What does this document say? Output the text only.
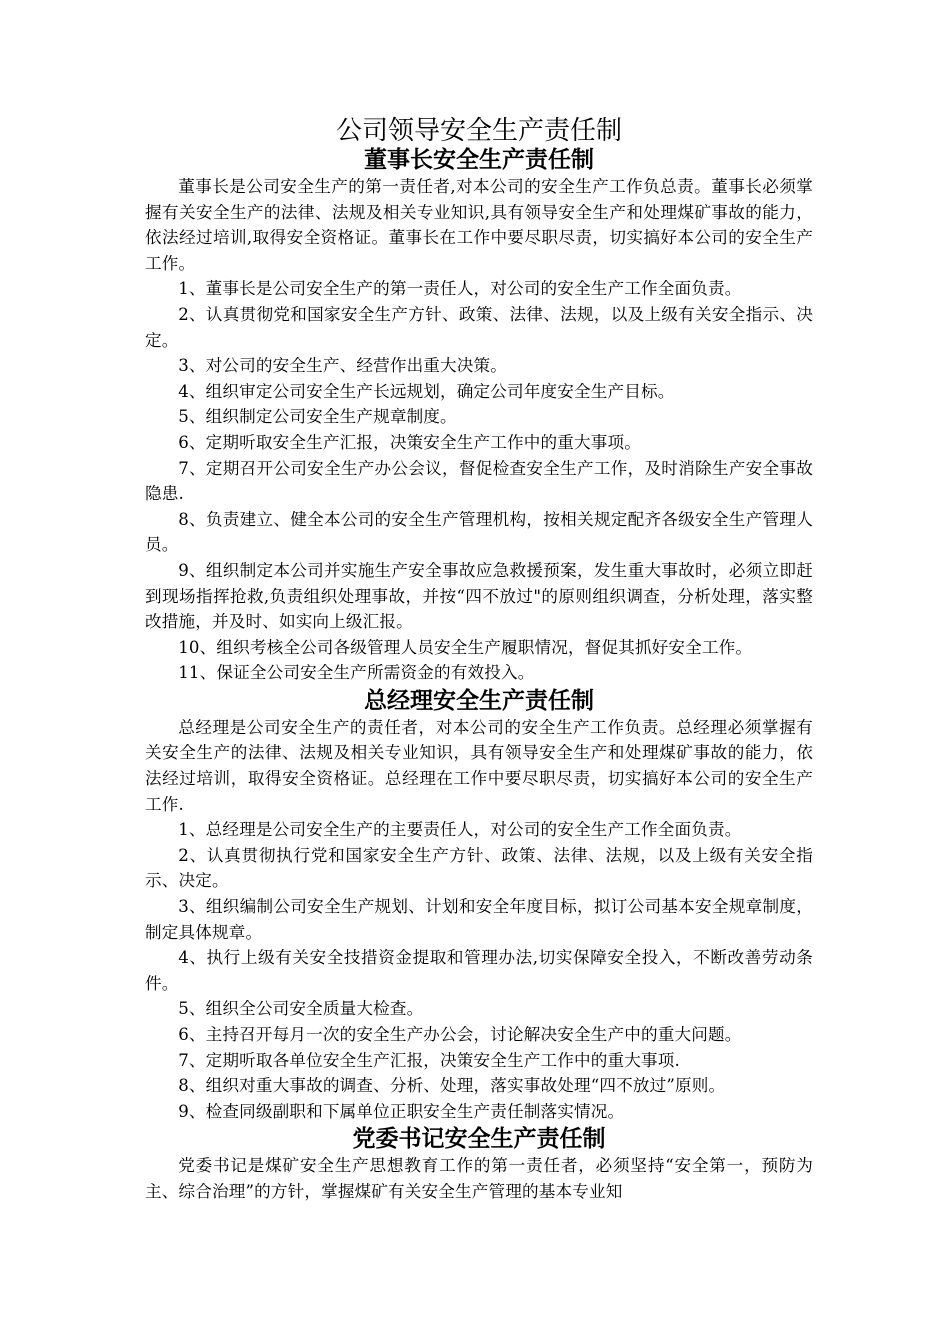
公司领导安全生产责任制
董事长安全生产责任制

董事长是公司安全生产的第一责任者,对本公司的安全生产工作负总责。董事长必须掌握有关安全生产的法律、法规及相关专业知识,具有领导安全生产和处理煤矿事故的能力，依法经过培训,取得安全资格证。董事长在工作中要尽职尽责，切实搞好本公司的安全生产工作。

1、董事长是公司安全生产的第一责任人，对公司的安全生产工作全面负责。

2、认真贯彻党和国家安全生产方针、政策、法律、法规，以及上级有关安全指示、决定。

3、对公司的安全生产、经营作出重大决策。

4、组织审定公司安全生产长远规划，确定公司年度安全生产目标。

5、组织制定公司安全生产规章制度。

6、定期听取安全生产汇报，决策安全生产工作中的重大事项。

7、定期召开公司安全生产办公会议，督促检查安全生产工作，及时消除生产安全事故隐患.

8、负责建立、健全本公司的安全生产管理机构，按相关规定配齐各级安全生产管理人员。

9、组织制定本公司并实施生产安全事故应急救援预案，发生重大事故时，必须立即赶到现场指挥抢救,负责组织处理事故，并按“四不放过"的原则组织调查，分析处理，落实整改措施，并及时、如实向上级汇报。

10、组织考核全公司各级管理人员安全生产履职情况，督促其抓好安全工作。

11、保证全公司安全生产所需资金的有效投入。

总经理安全生产责任制

总经理是公司安全生产的责任者，对本公司的安全生产工作负责。总经理必须掌握有关安全生产的法律、法规及相关专业知识，具有领导安全生产和处理煤矿事故的能力，依法经过培训，取得安全资格证。总经理在工作中要尽职尽责，切实搞好本公司的安全生产工作.

1、总经理是公司安全生产的主要责任人，对公司的安全生产工作全面负责。

2、认真贯彻执行党和国家安全生产方针、政策、法律、法规，以及上级有关安全指示、决定。

3、组织编制公司安全生产规划、计划和安全年度目标，拟订公司基本安全规章制度，制定具体规章。

4、执行上级有关安全技措资金提取和管理办法,切实保障安全投入，不断改善劳动条件。

5、组织全公司安全质量大检查。

6、主持召开每月一次的安全生产办公会，讨论解决安全生产中的重大问题。

7、定期听取各单位安全生产汇报，决策安全生产工作中的重大事项.

8、组织对重大事故的调查、分析、处理，落实事故处理“四不放过”原则。

9、检查同级副职和下属单位正职安全生产责任制落实情况。

党委书记安全生产责任制

党委书记是煤矿安全生产思想教育工作的第一责任者，必须坚持“安全第一，预防为主、综合治理”的方针，掌握煤矿有关安全生产管理的基本专业知
